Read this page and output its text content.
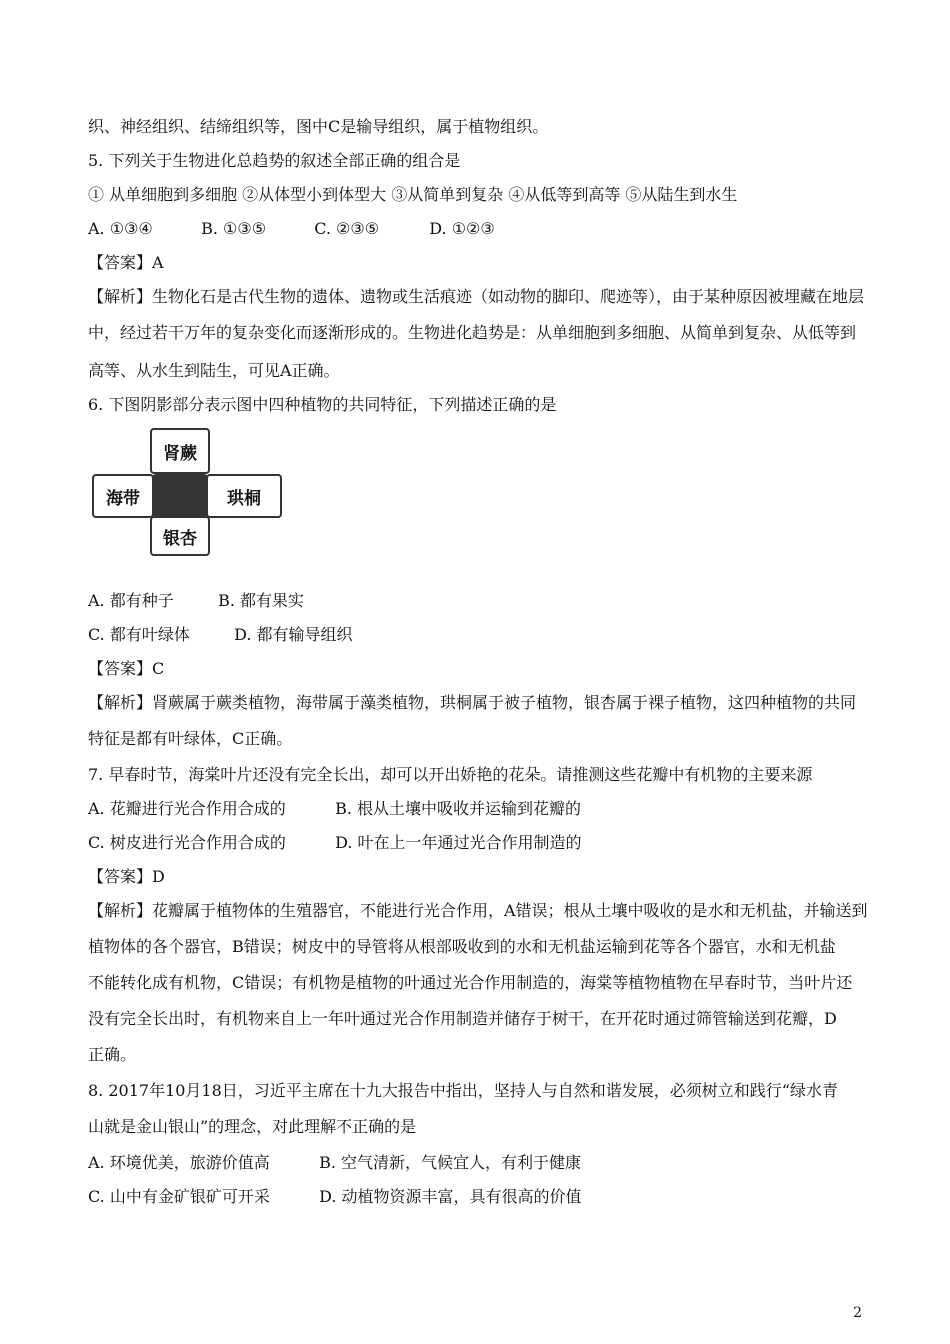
织、神经组织、结缔组织等，图中C是输导组织，属于植物组织。
5. 下列关于生物进化总趋势的叙述全部正确的组合是
① 从单细胞到多细胞 ②从体型小到体型大 ③从简单到复杂 ④从低等到高等 ⑤从陆生到水生
A. ①③④	B. ①③⑤	C. ②③⑤	D. ①②③
【答案】A
【解析】生物化石是古代生物的遗体、遗物或生活痕迹（如动物的脚印、爬迹等），由于某种原因被埋藏在地层
中，经过若干万年的复杂变化而逐渐形成的。生物进化趋势是：从单细胞到多细胞、从简单到复杂、从低等到
高等、从水生到陆生，可见A正确。
6. 下图阴影部分表示图中四种植物的共同特征，下列描述正确的是
肾蕨
海带	珙桐
银杏
A. 都有种子	B. 都有果实
C. 都有叶绿体	D. 都有输导组织
【答案】C
【解析】肾蕨属于蕨类植物，海带属于藻类植物，珙桐属于被子植物，银杏属于裸子植物，这四种植物的共同
特征是都有叶绿体，C正确。
7. 早春时节，海棠叶片还没有完全长出，却可以开出娇艳的花朵。请推测这些花瓣中有机物的主要来源
A. 花瓣进行光合作用合成的	B. 根从土壤中吸收并运输到花瓣的
C. 树皮进行光合作用合成的	D. 叶在上一年通过光合作用制造的
【答案】D
【解析】花瓣属于植物体的生殖器官，不能进行光合作用，A错误；根从土壤中吸收的是水和无机盐，并输送到
植物体的各个器官，B错误；树皮中的导管将从根部吸收到的水和无机盐运输到花等各个器官，水和无机盐
不能转化成有机物，C错误；有机物是植物的叶通过光合作用制造的，海棠等植物植物在早春时节，当叶片还
没有完全长出时，有机物来自上一年叶通过光合作用制造并储存于树干，在开花时通过筛管输送到花瓣，D
正确。
8. 2017年10月18日，习近平主席在十九大报告中指出，坚持人与自然和谐发展，必须树立和践行“绿水青
山就是金山银山”的理念，对此理解不正确的是
A. 环境优美，旅游价值高	B. 空气清新，气候宜人，有利于健康
C. 山中有金矿银矿可开采	D. 动植物资源丰富，具有很高的价值
2
